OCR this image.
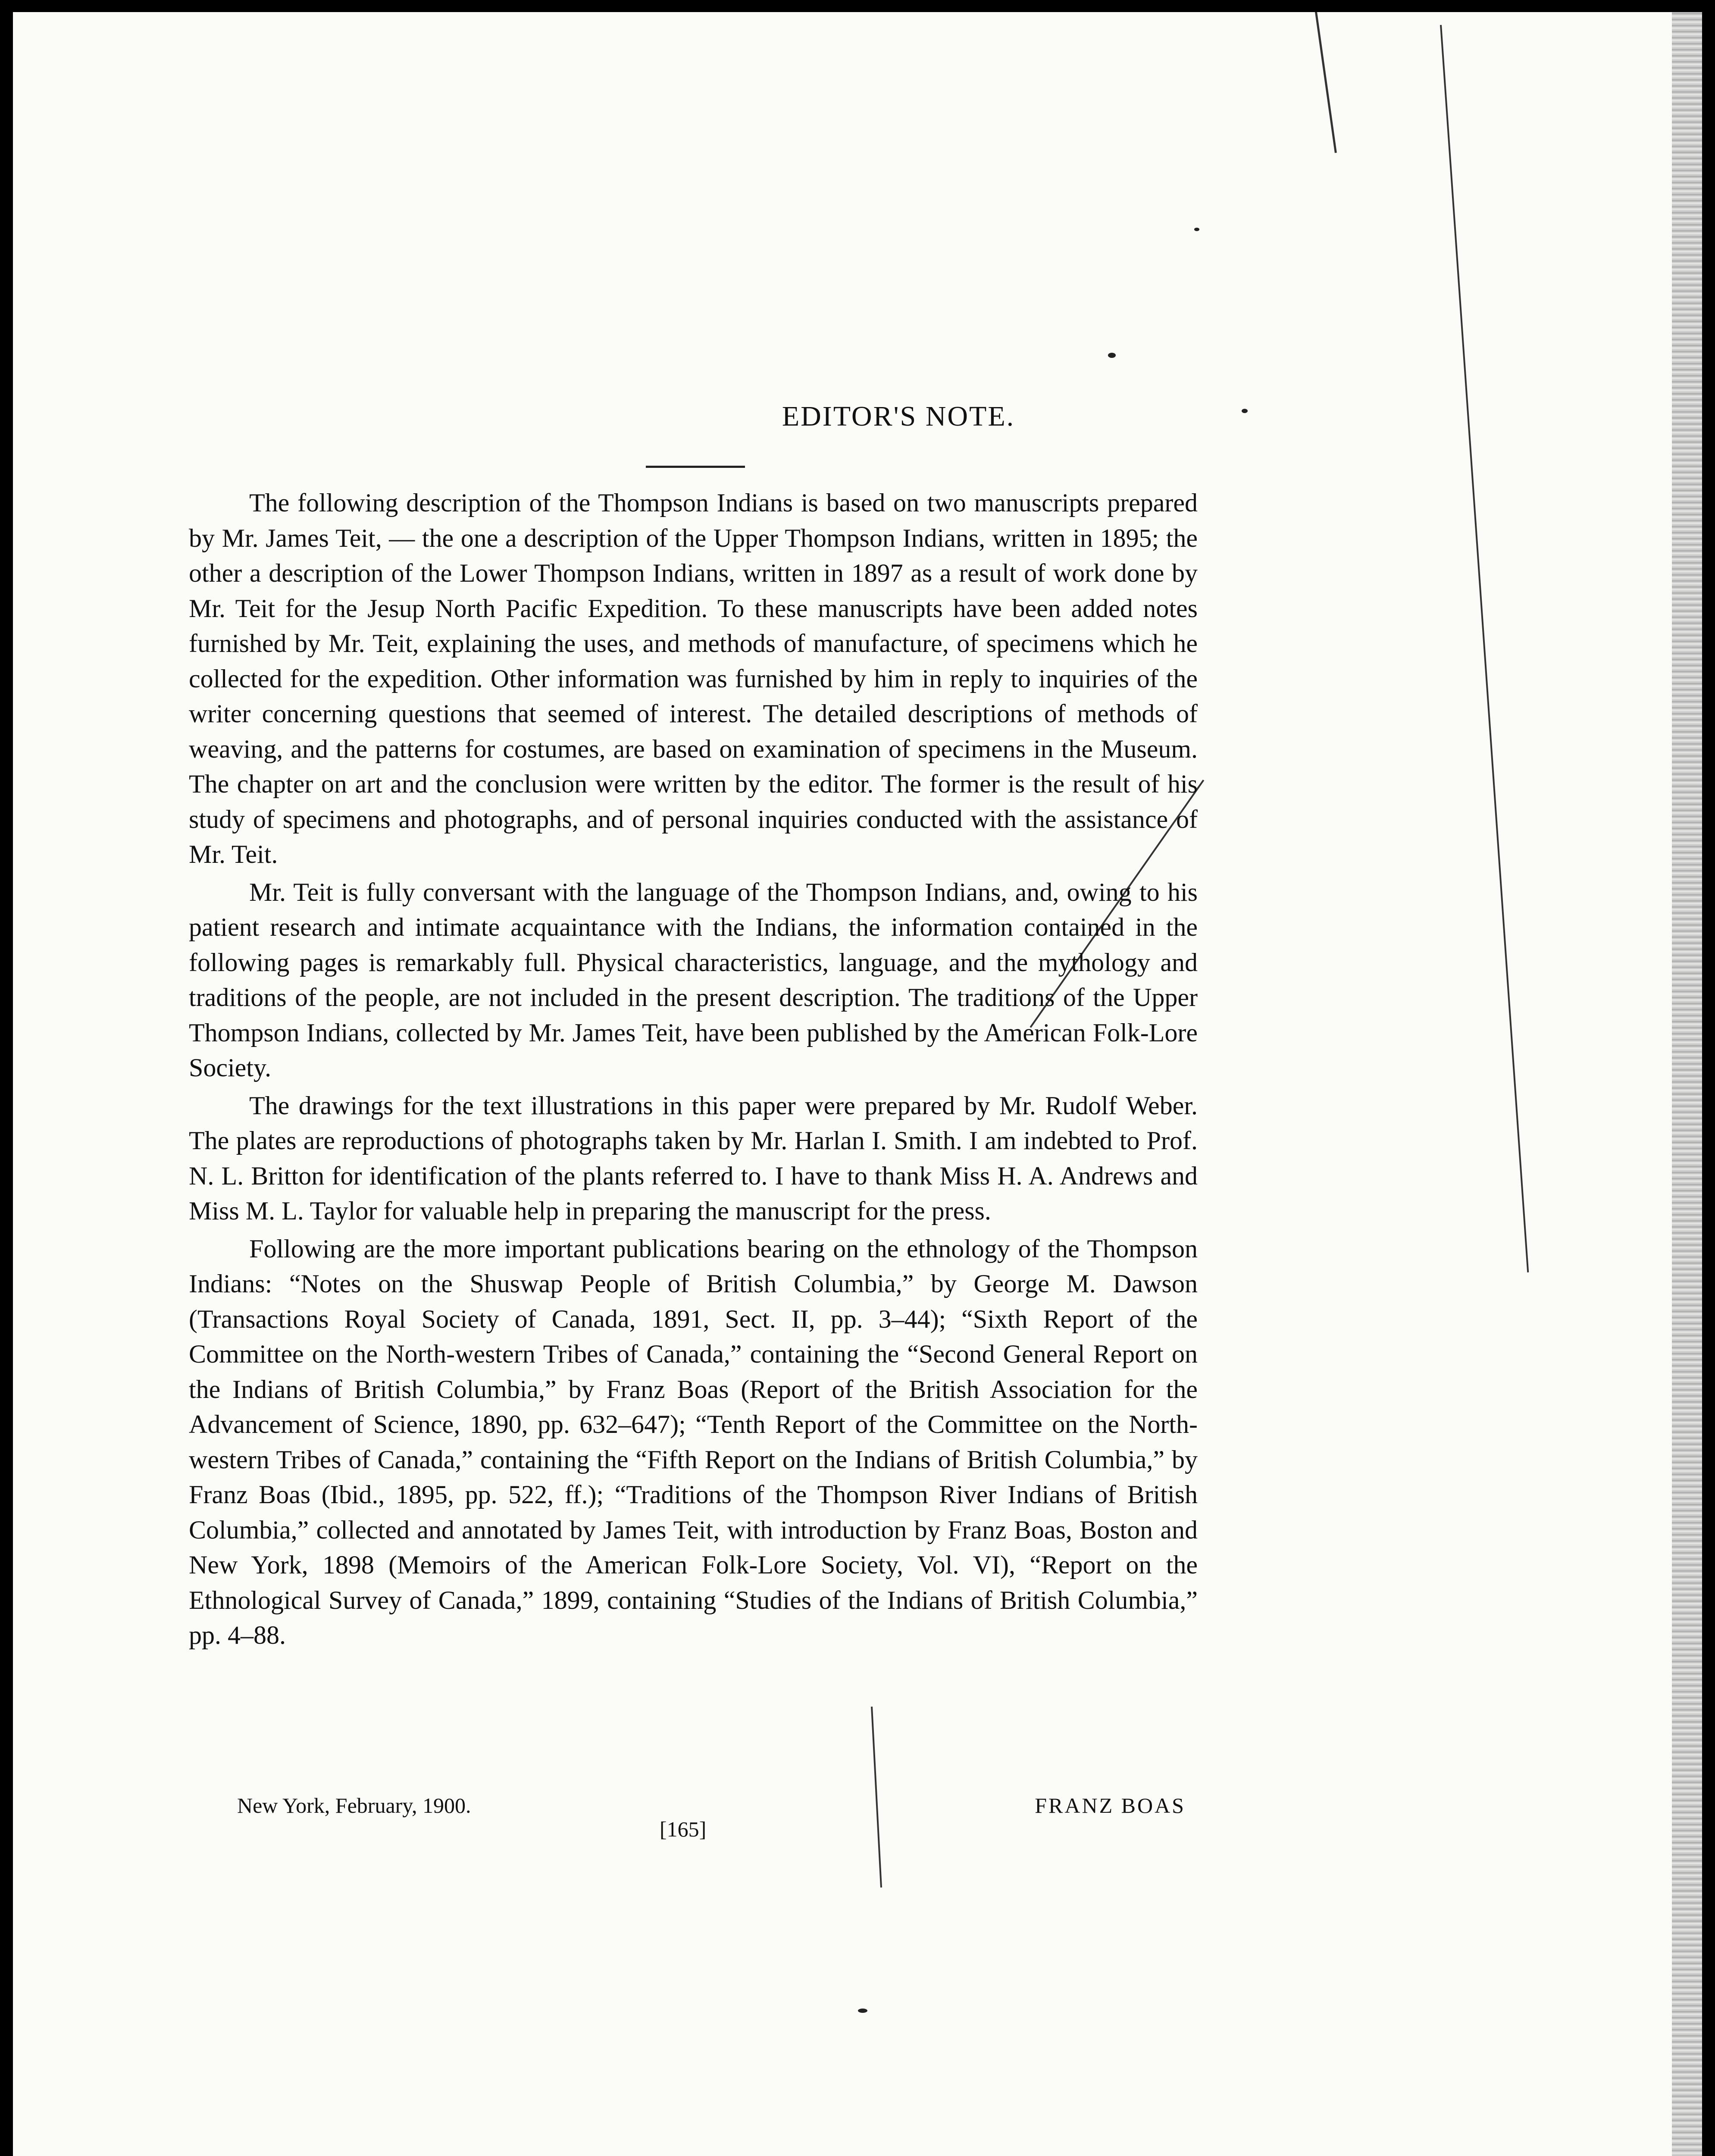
EDITOR'S NOTE.

The following description of the Thompson Indians is based on two manuscripts prepared by Mr. James Teit, — the one a description of the Upper Thompson Indians, written in 1895; the other a description of the Lower Thompson Indians, written in 1897 as a result of work done by Mr. Teit for the Jesup North Pacific Expedition. To these manuscripts have been added notes furnished by Mr. Teit, explaining the uses, and methods of manufacture, of specimens which he collected for the expedition. Other information was furnished by him in reply to inquiries of the writer concerning questions that seemed of interest. The detailed descriptions of methods of weaving, and the patterns for costumes, are based on examination of specimens in the Museum. The chapter on art and the conclusion were written by the editor. The former is the result of his study of specimens and photographs, and of personal inquiries conducted with the assistance of Mr. Teit.

Mr. Teit is fully conversant with the language of the Thompson Indians, and, owing to his patient research and intimate acquaintance with the Indians, the information contained in the following pages is remarkably full. Physical characteristics, language, and the mythology and traditions of the people, are not included in the present description. The traditions of the Upper Thompson Indians, collected by Mr. James Teit, have been published by the American Folk-Lore Society.

The drawings for the text illustrations in this paper were prepared by Mr. Rudolf Weber. The plates are reproductions of photographs taken by Mr. Harlan I. Smith. I am indebted to Prof. N. L. Britton for identification of the plants referred to. I have to thank Miss H. A. Andrews and Miss M. L. Taylor for valuable help in preparing the manuscript for the press.

Following are the more important publications bearing on the ethnology of the Thompson Indians: “Notes on the Shuswap People of British Columbia,” by George M. Dawson (Transactions Royal Society of Canada, 1891, Sect. II, pp. 3–44); “Sixth Report of the Committee on the North-western Tribes of Canada,” containing the “Second General Report on the Indians of British Columbia,” by Franz Boas (Report of the British Association for the Advancement of Science, 1890, pp. 632–647); “Tenth Report of the Committee on the North-western Tribes of Canada,” containing the “Fifth Report on the Indians of British Columbia,” by Franz Boas (Ibid., 1895, pp. 522, ff.); “Traditions of the Thompson River Indians of British Columbia,” collected and annotated by James Teit, with introduction by Franz Boas, Boston and New York, 1898 (Memoirs of the American Folk-Lore Society, Vol. VI), “Report on the Ethnological Survey of Canada,” 1899, containing “Studies of the Indians of British Columbia,” pp. 4–88.

New York, February, 1900.	FRANZ BOAS
[165]
